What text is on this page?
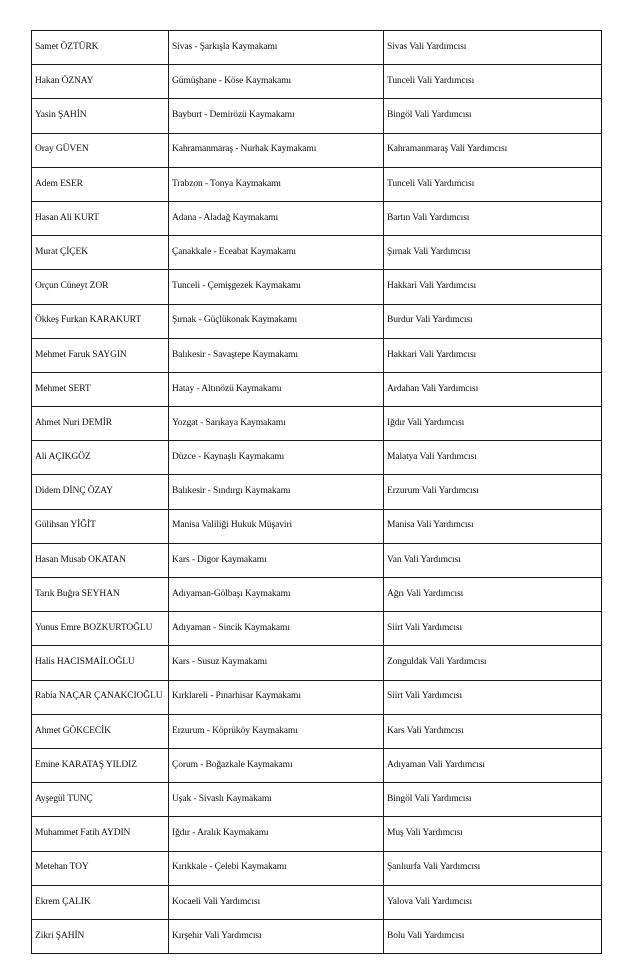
Samet ÖZTÜRK	Sivas - Şarkışla Kaymakamı	Sivas Vali Yardımcısı
Hakan ÖZNAY	Gümüşhane - Köse Kaymakamı	Tunceli Vali Yardımcısı
Yasin ŞAHİN	Bayburt - Demirözü Kaymakamı	Bingöl Vali Yardımcısı
Oray GÜVEN	Kahramanmaraş - Nurhak Kaymakamı	Kahramanmaraş Vali Yardımcısı
Adem ESER	Trabzon - Tonya Kaymakamı	Tunceli Vali Yardımcısı
Hasan Ali KURT	Adana - Aladağ Kaymakamı	Bartın Vali Yardımcısı
Murat ÇİÇEK	Çanakkale - Eceabat Kaymakamı	Şırnak Vali Yardımcısı
Orçun Cüneyt ZOR	Tunceli - Çemişgezek Kaymakamı	Hakkari Vali Yardımcısı
Ökkeş Furkan KARAKURT	Şırnak - Güçlükonak Kaymakamı	Burdur Vali Yardımcısı
Mehmet Faruk SAYGIN	Balıkesir - Savaştepe Kaymakamı	Hakkari Vali Yardımcısı
Mehmet SERT	Hatay - Altınözü Kaymakamı	Ardahan Vali Yardımcısı
Ahmet Nuri DEMİR	Yozgat - Sarıkaya Kaymakamı	Iğdır Vali Yardımcısı
Ali AÇIKGÖZ	Düzce - Kaynaşlı Kaymakamı	Malatya Vali Yardımcısı
Didem DİNÇ ÖZAY	Balıkesir - Sındırgı Kaymakamı	Erzurum Vali Yardımcısı
Gülihsan YİĞİT	Manisa Valiliği Hukuk Müşaviri	Manisa Vali Yardımcısı
Hasan Musab OKATAN	Kars - Digor Kaymakamı	Van Vali Yardımcısı
Tarık Buğra SEYHAN	Adıyaman-Gölbaşı Kaymakamı	Ağrı Vali Yardımcısı
Yunus Emre BOZKURTOĞLU	Adıyaman - Sincik Kaymakamı	Siirt Vali Yardımcısı
Halis HACISMAİLOĞLU	Kars - Susuz Kaymakamı	Zonguldak Vali Yardımcısı
Rabia NAÇAR ÇANAKCIOĞLU	Kırklareli - Pınarhisar Kaymakamı	Siirt Vali Yardımcısı
Ahmet GÖKCECİK	Erzurum - Köprüköy Kaymakamı	Kars Vali Yardımcısı
Emine KARATAŞ YILDIZ	Çorum - Boğazkale Kaymakamı	Adıyaman Vali Yardımcısı
Ayşegül TUNÇ	Uşak - Sivaslı Kaymakamı	Bingöl Vali Yardımcısı
Muhammet Fatih AYDIN	Iğdır - Aralık Kaymakamı	Muş Vali Yardımcısı
Metehan TOY	Kırıkkale - Çelebi Kaymakamı	Şanlıurfa Vali Yardımcısı
Ekrem ÇALIK	Kocaeli Vali Yardımcısı	Yalova Vali Yardımcısı
Zikri ŞAHİN	Kırşehir Vali Yardımcısı	Bolu Vali Yardımcısı
